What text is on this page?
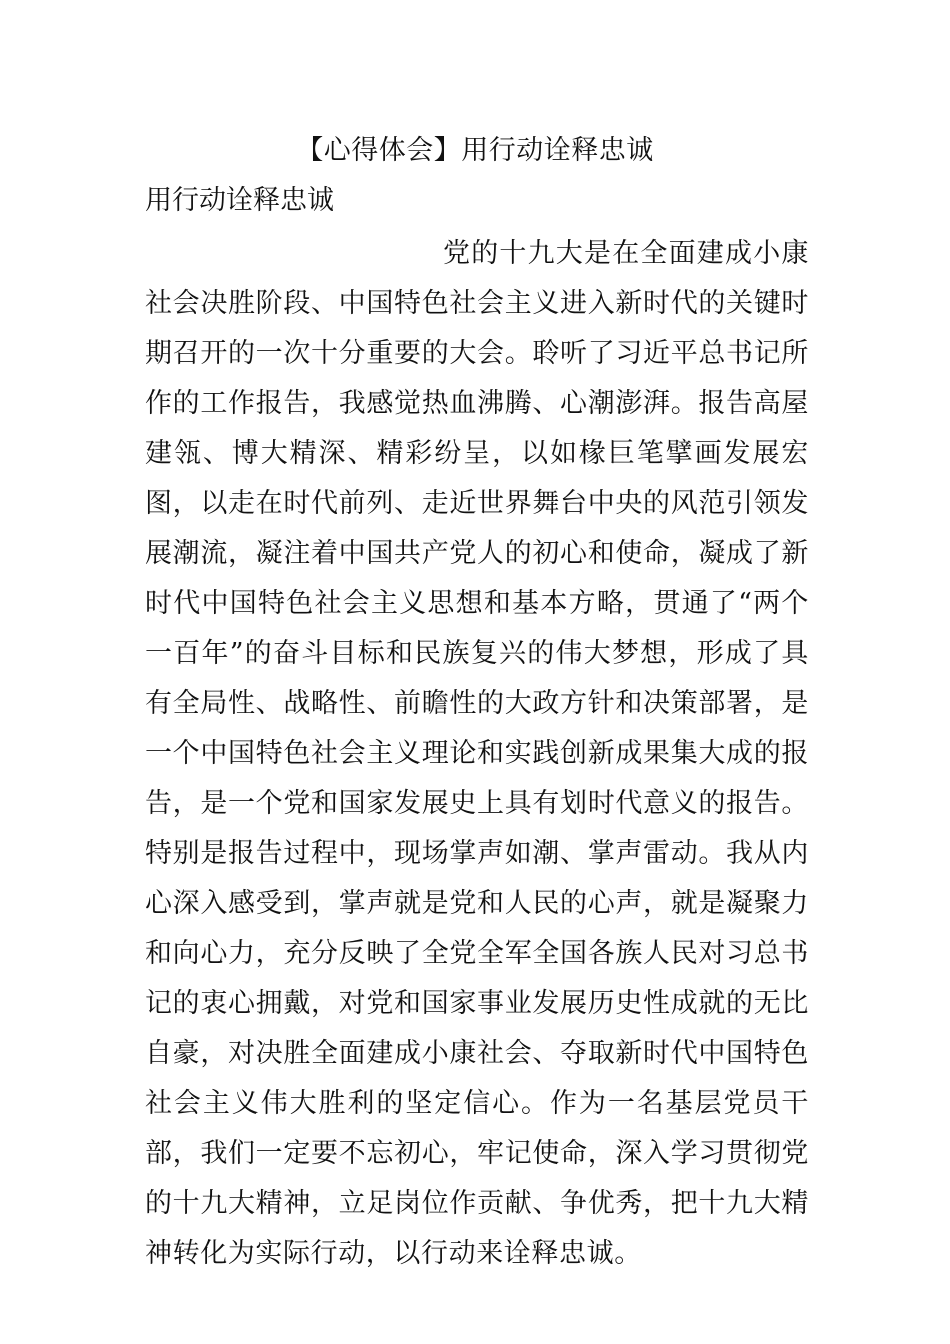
【心得体会】用行动诠释忠诚
用行动诠释忠诚

党的十九大是在全面建成小康社会决胜阶段、中国特色社会主义进入新时代的关键时期召开的一次十分重要的大会。聆听了习近平总书记所作的工作报告，我感觉热血沸腾、心潮澎湃。报告高屋建瓴、博大精深、精彩纷呈，以如椽巨笔擘画发展宏图，以走在时代前列、走近世界舞台中央的风范引领发展潮流，凝注着中国共产党人的初心和使命，凝成了新时代中国特色社会主义思想和基本方略，贯通了“两个一百年”的奋斗目标和民族复兴的伟大梦想，形成了具有全局性、战略性、前瞻性的大政方针和决策部署，是一个中国特色社会主义理论和实践创新成果集大成的报告，是一个党和国家发展史上具有划时代意义的报告。特别是报告过程中，现场掌声如潮、掌声雷动。我从内心深入感受到，掌声就是党和人民的心声，就是凝聚力和向心力，充分反映了全党全军全国各族人民对习总书记的衷心拥戴，对党和国家事业发展历史性成就的无比自豪，对决胜全面建成小康社会、夺取新时代中国特色社会主义伟大胜利的坚定信心。作为一名基层党员干部，我们一定要不忘初心，牢记使命，深入学习贯彻党的十九大精神，立足岗位作贡献、争优秀，把十九大精神转化为实际行动，以行动来诠释忠诚。
